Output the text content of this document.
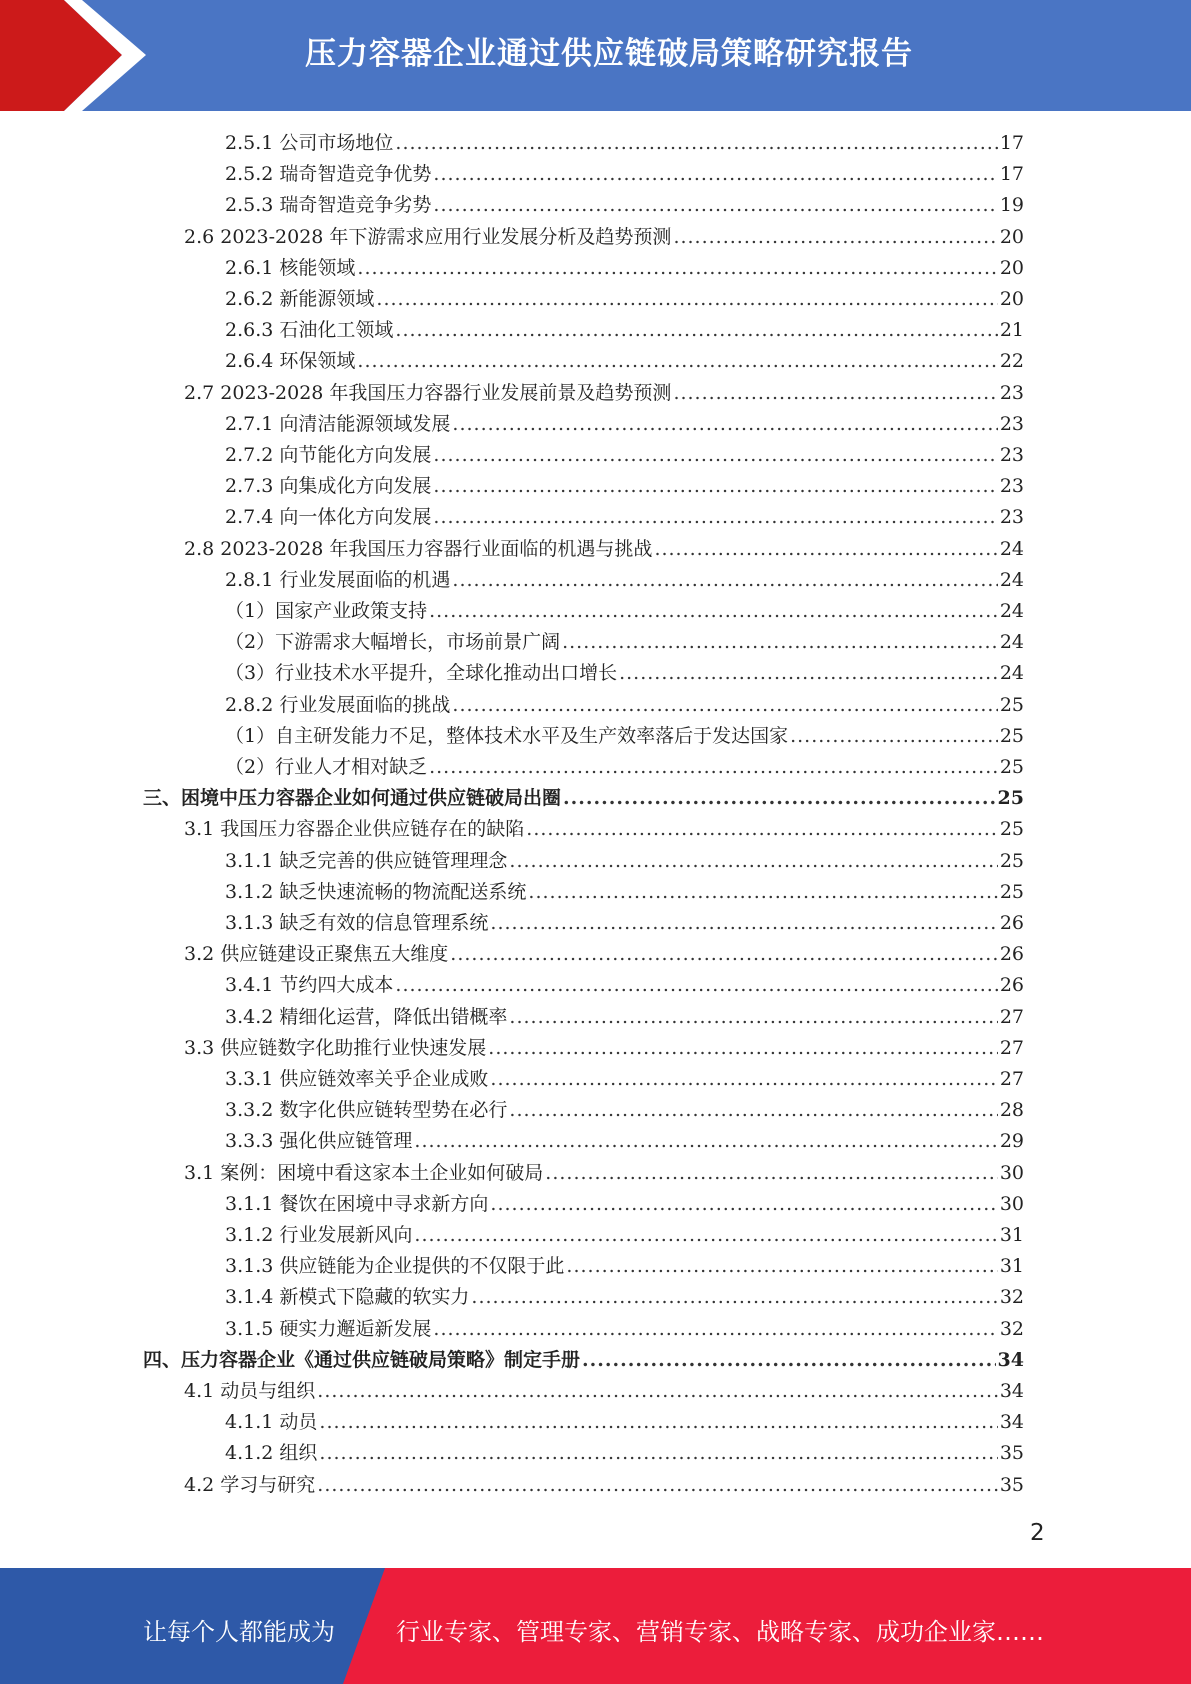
压力容器企业通过供应链破局策略研究报告
2.5.1 公司市场地位 .....	17
2.5.2 瑞奇智造竞争优势 .....	17
2.5.3 瑞奇智造竞争劣势 .....	19
2.6 2023-2028 年下游需求应用行业发展分析及趋势预测 .....	20
2.6.1 核能领域 .....	20
2.6.2 新能源领域 .....	20
2.6.3 石油化工领域 .....	21
2.6.4 环保领域 .....	22
2.7 2023-2028 年我国压力容器行业发展前景及趋势预测 .....	23
2.7.1 向清洁能源领域发展 .....	23
2.7.2 向节能化方向发展 .....	23
2.7.3 向集成化方向发展 .....	23
2.7.4 向一体化方向发展 .....	23
2.8 2023-2028 年我国压力容器行业面临的机遇与挑战 .....	24
2.8.1 行业发展面临的机遇 .....	24
（1）国家产业政策支持 .....	24
（2）下游需求大幅增长，市场前景广阔 .....	24
（3）行业技术水平提升，全球化推动出口增长 .....	24
2.8.2 行业发展面临的挑战 .....	25
（1）自主研发能力不足，整体技术水平及生产效率落后于发达国家 .....	25
（2）行业人才相对缺乏 .....	25
三、困境中压力容器企业如何通过供应链破局出圈 .....	25
3.1 我国压力容器企业供应链存在的缺陷 .....	25
3.1.1 缺乏完善的供应链管理理念 .....	25
3.1.2 缺乏快速流畅的物流配送系统 .....	25
3.1.3 缺乏有效的信息管理系统 .....	26
3.2 供应链建设正聚焦五大维度 .....	26
3.4.1 节约四大成本 .....	26
3.4.2 精细化运营，降低出错概率 .....	27
3.3 供应链数字化助推行业快速发展 .....	27
3.3.1 供应链效率关乎企业成败 .....	27
3.3.2 数字化供应链转型势在必行 .....	28
3.3.3 强化供应链管理 .....	29
3.1 案例：困境中看这家本土企业如何破局 .....	30
3.1.1 餐饮在困境中寻求新方向 .....	30
3.1.2 行业发展新风向 .....	31
3.1.3 供应链能为企业提供的不仅限于此 .....	31
3.1.4 新模式下隐藏的软实力 .....	32
3.1.5 硬实力邂逅新发展 .....	32
四、压力容器企业《通过供应链破局策略》制定手册 .....	34
4.1 动员与组织 .....	34
4.1.1 动员 .....	34
4.1.2 组织 .....	35
4.2 学习与研究 .....	35
2
让每个人都能成为	行业专家、管理专家、营销专家、战略专家、成功企业家……
